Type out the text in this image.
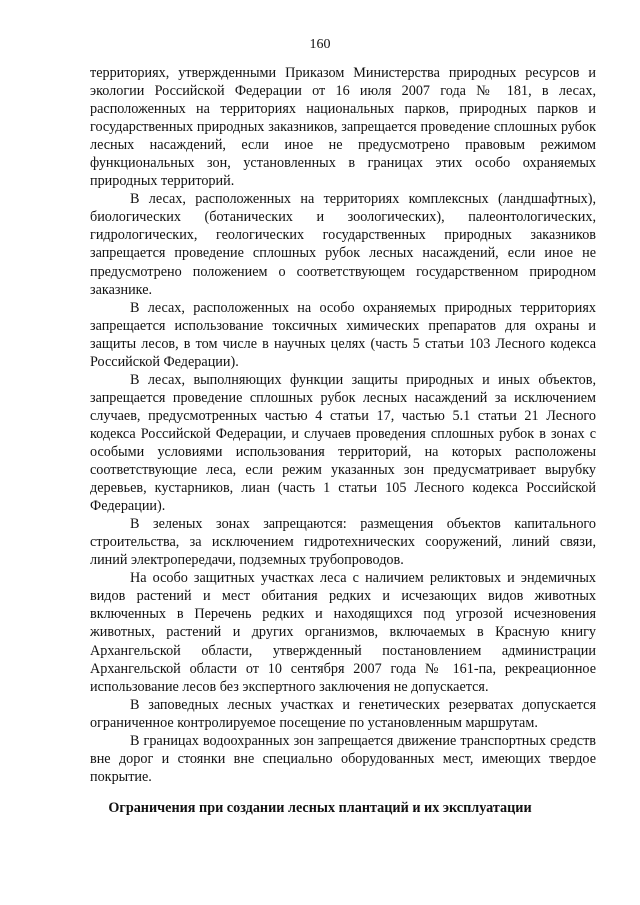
160

территориях, утвержденными Приказом Министерства природных ресурсов и экологии Российской Федерации от 16 июля 2007 года № 181, в лесах, расположенных на территориях национальных парков, природных парков и государственных природных заказников, запрещается проведение сплошных рубок лесных насаждений, если иное не предусмотрено правовым режимом функциональных зон, установленных в границах этих особо охраняемых природных территорий.

В лесах, расположенных на территориях комплексных (ландшафтных), биологических (ботанических и зоологических), палеонтологических, гидрологических, геологических государственных природных заказников запрещается проведение сплошных рубок лесных насаждений, если иное не предусмотрено положением о соответствующем государственном природном заказнике.

В лесах, расположенных на особо охраняемых природных территориях запрещается использование токсичных химических препаратов для охраны и защиты лесов, в том числе в научных целях (часть 5 статьи 103 Лесного кодекса Российской Федерации).

В лесах, выполняющих функции защиты природных и иных объектов, запрещается проведение сплошных рубок лесных насаждений за исключением случаев, предусмотренных частью 4 статьи 17, частью 5.1 статьи 21 Лесного кодекса Российской Федерации, и случаев проведения сплошных рубок в зонах с особыми условиями использования территорий, на которых расположены соответствующие леса, если режим указанных зон предусматривает вырубку деревьев, кустарников, лиан (часть 1 статьи 105 Лесного кодекса Российской Федерации).

В зеленых зонах запрещаются: размещения объектов капитального строительства, за исключением гидротехнических сооружений, линий связи, линий электропередачи, подземных трубопроводов.

На особо защитных участках леса с наличием реликтовых и эндемичных видов растений и мест обитания редких и исчезающих видов животных включенных в Перечень редких и находящихся под угрозой исчезновения животных, растений и других организмов, включаемых в Красную книгу Архангельской области, утвержденный постановлением администрации Архангельской области от 10 сентября 2007 года № 161-па, рекреационное использование лесов без экспертного заключения не допускается.

В заповедных лесных участках и генетических резерватах допускается ограниченное контролируемое посещение по установленным маршрутам.

В границах водоохранных зон запрещается движение транспортных средств вне дорог и стоянки вне специально оборудованных мест, имеющих твердое покрытие.

Ограничения при создании лесных плантаций и их эксплуатации
